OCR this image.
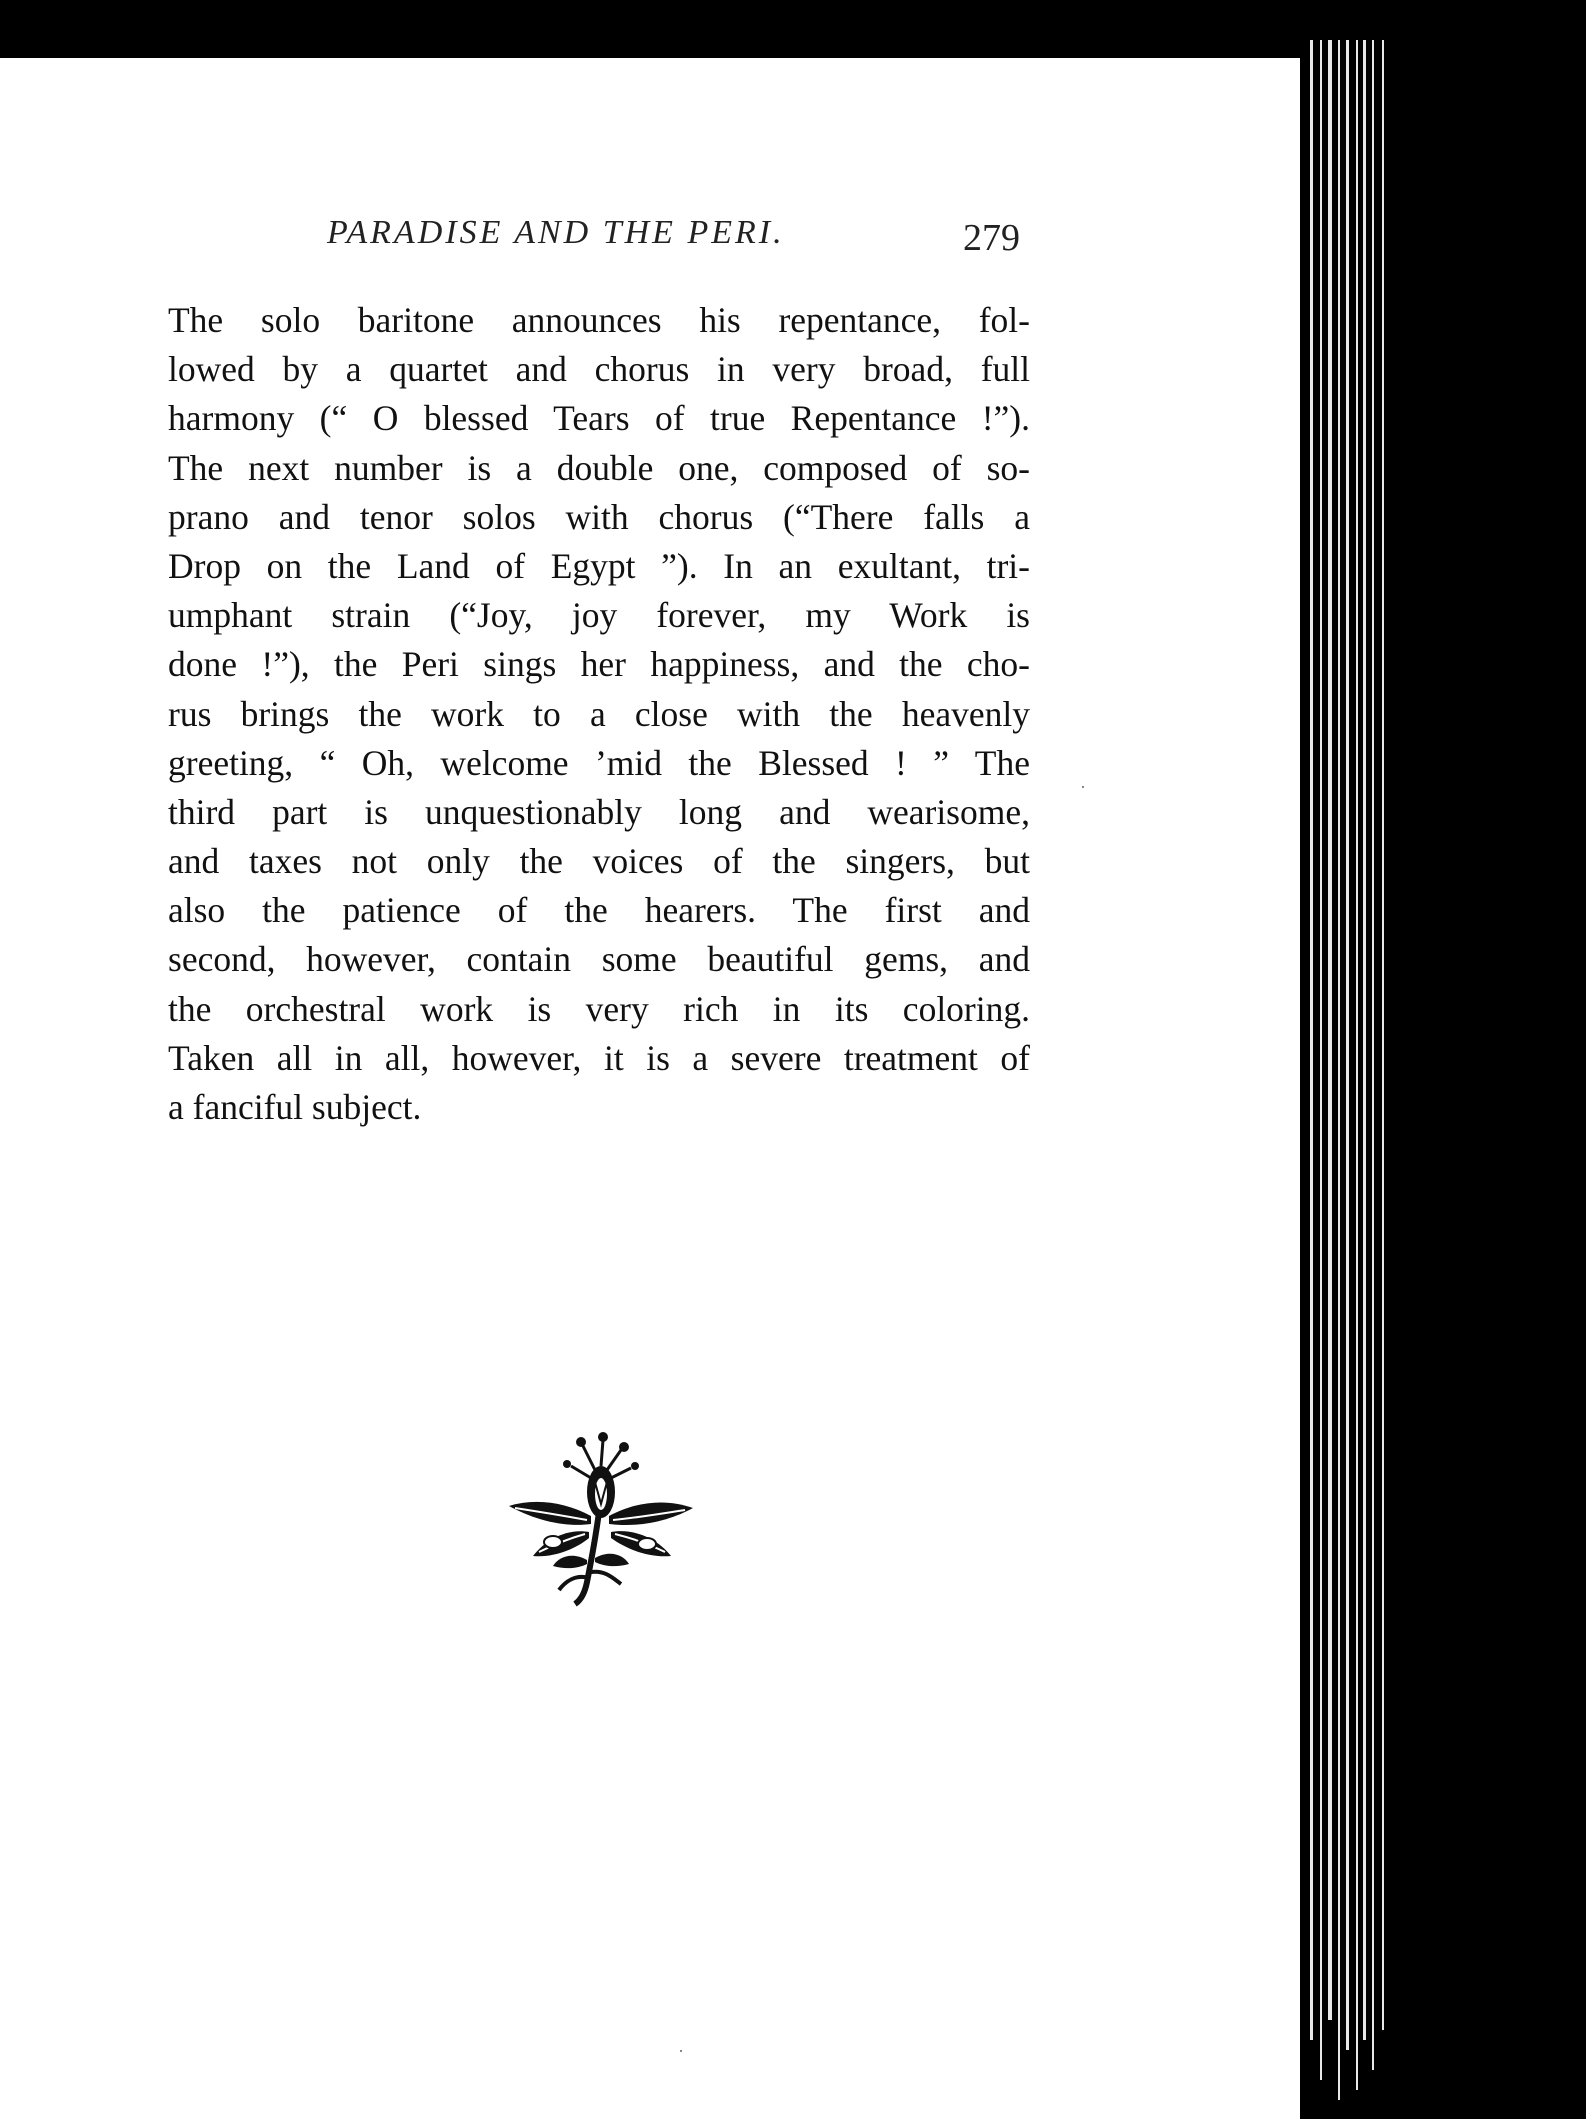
PARADISE AND THE PERI.	279
The solo baritone announces his repentance, fol-
lowed by a quartet and chorus in very broad, full
harmony (“ O blessed Tears of true Repentance !”).
The next number is a double one, composed of so-
prano and tenor solos with chorus (“There falls a
Drop on the Land of Egypt ”). In an exultant, tri-
umphant strain (“Joy, joy forever, my Work is
done !”), the Peri sings her happiness, and the cho-
rus brings the work to a close with the heavenly
greeting, “ Oh, welcome ’mid the Blessed ! ” The
third part is unquestionably long and wearisome,
and taxes not only the voices of the singers, but
also the patience of the hearers. The first and
second, however, contain some beautiful gems, and
the orchestral work is very rich in its coloring.
Taken all in all, however, it is a severe treatment of
a fanciful subject.
